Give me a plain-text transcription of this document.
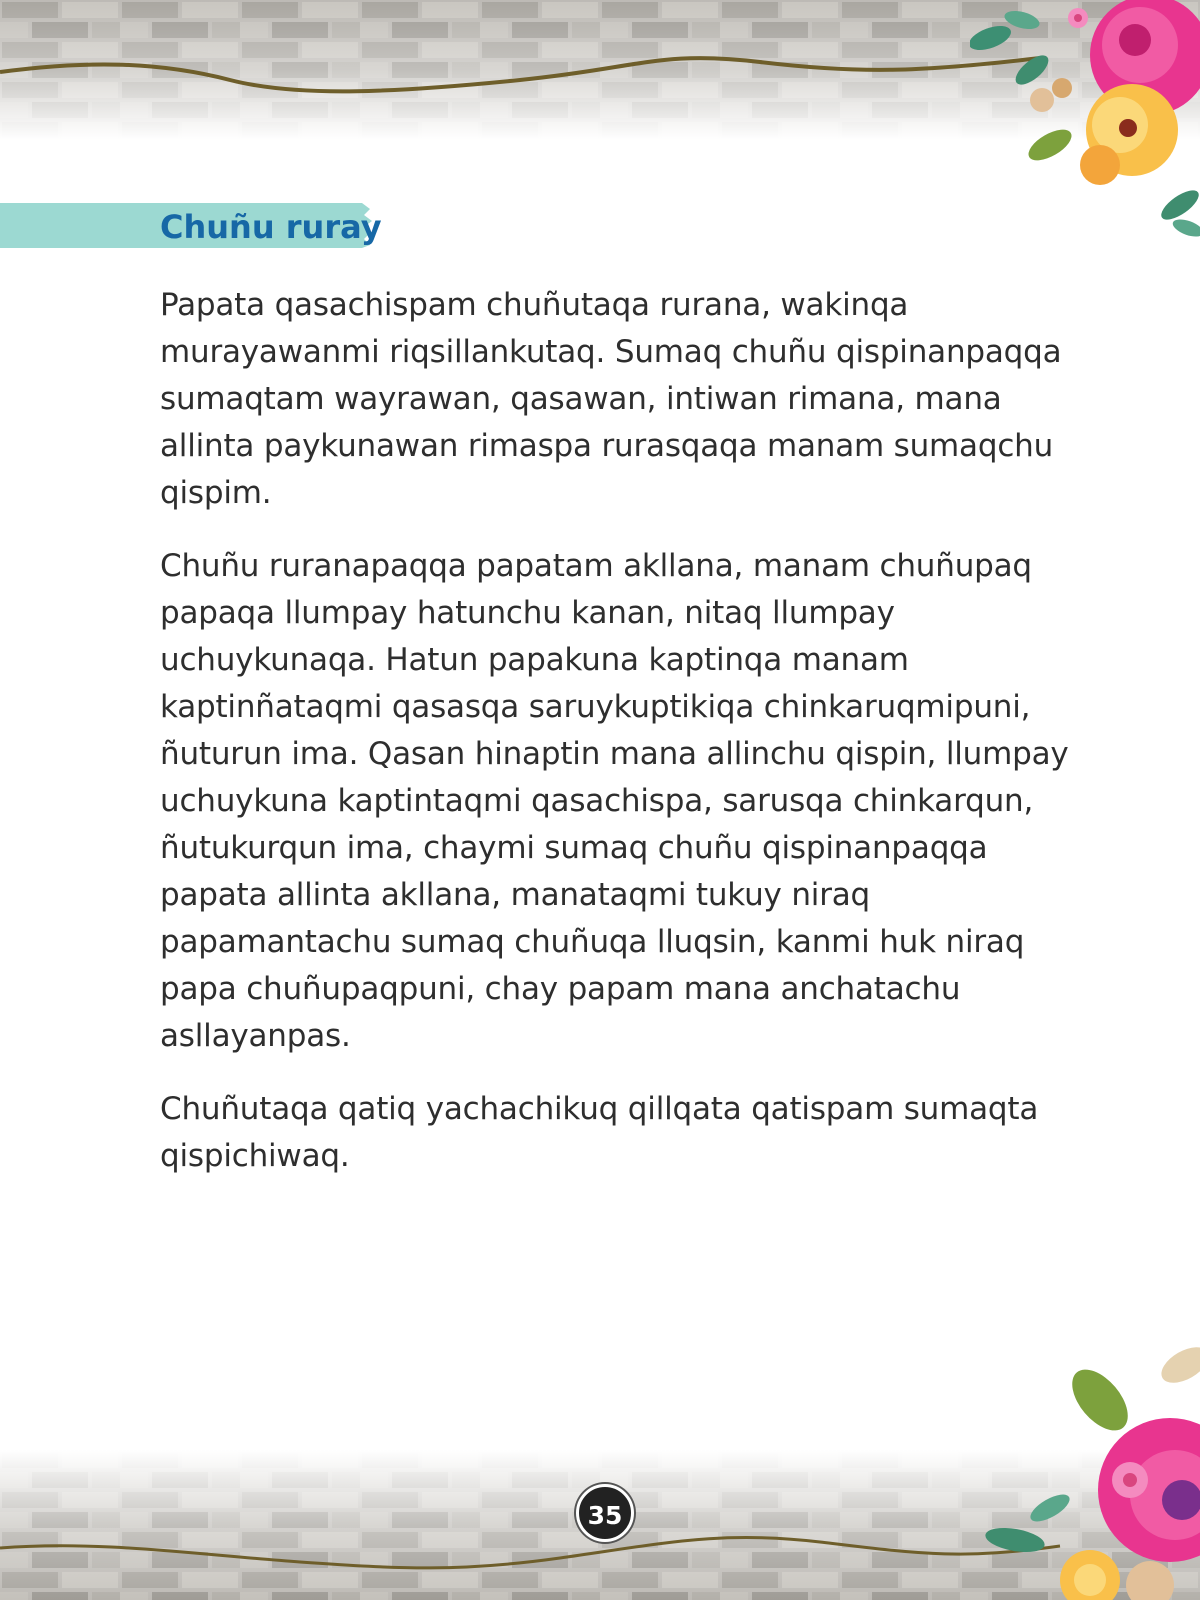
Chuñu ruray

Papata qasachispam chuñutaqa rurana, wakinqa murayawanmi riqsillankutaq. Sumaq chuñu qispinanpaqqa sumaqtam wayrawan, qasawan, intiwan rimana, mana allinta paykunawan rimaspa rurasqaqa manam sumaqchu qispim.

Chuñu ruranapaqqa papatam akllana, manam chuñupaq papaqa llumpay hatunchu kanan, nitaq llumpay uchuykunaqa. Hatun papakuna kaptinqa manam kaptinñataqmi qasasqa saruykuptikiqa chinkaruqmipuni, ñuturun ima. Qasan hinaptin mana allinchu qispin, llumpay uchuykuna kaptintaqmi qasachispa, sarusqa chinkarqun, ñutukurqun ima, chaymi sumaq chuñu qispinanpaqqa papata allinta akllana, manataqmi tukuy niraq papamantachu sumaq chuñuqa lluqsin, kanmi huk niraq papa chuñupaqpuni, chay papam mana anchatachu asllayanpas.

Chuñutaqa qatiq yachachikuq qillqata qatispam sumaqta qispichiwaq.

35
